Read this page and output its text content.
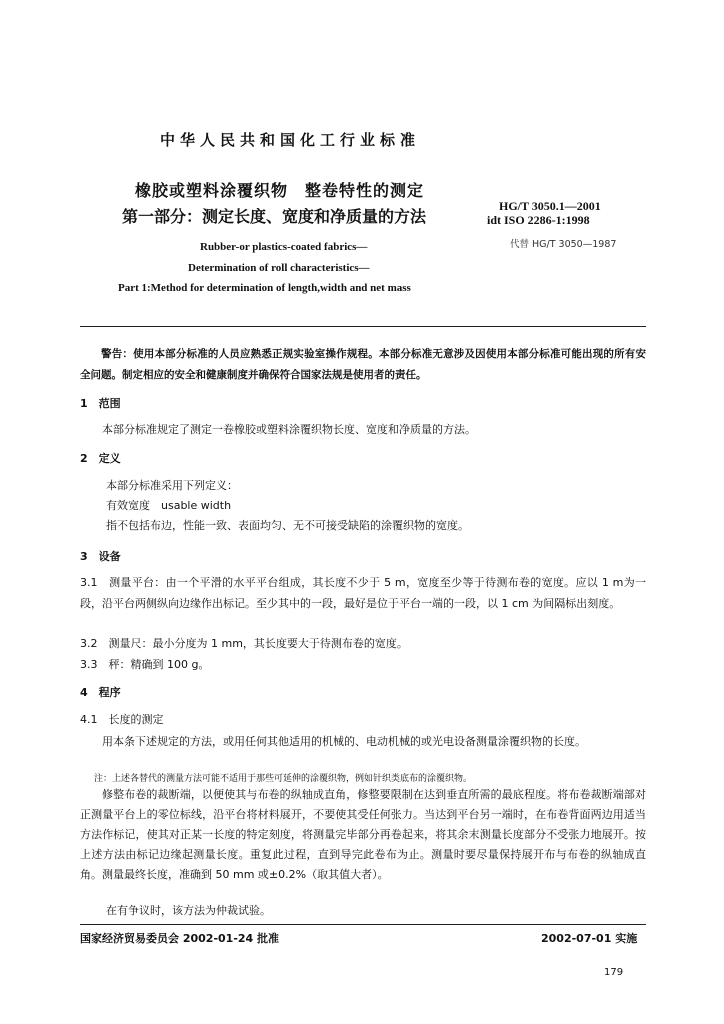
中华人民共和国化工行业标准
橡胶或塑料涂覆织物　整卷特性的测定
第一部分：测定长度、宽度和净质量的方法
HG/T 3050.1—2001
idt ISO 2286-1:1998
代替 HG/T 3050—1987
Rubber-or plastics-coated fabrics—
Determination of roll characteristics—
Part 1:Method for determination of length,width and net mass

警告：使用本部分标准的人员应熟悉正规实验室操作规程。本部分标准无意涉及因使用本部分标准可能出现的所有安全问题。制定相应的安全和健康制度并确保符合国家法规是使用者的责任。

1　范围

本部分标准规定了测定一卷橡胶或塑料涂覆织物长度、宽度和净质量的方法。

2　定义
本部分标准采用下列定义：
有效宽度　usable width
指不包括布边，性能一致、表面均匀、无不可接受缺陷的涂覆织物的宽度。
3　设备

3.1　测量平台：由一个平滑的水平平台组成，其长度不少于 5 m，宽度至少等于待测布卷的宽度。应以 1 m为一段，沿平台两侧纵向边缘作出标记。至少其中的一段，最好是位于平台一端的一段，以 1 cm 为间隔标出刻度。

3.2　测量尺：最小分度为 1 mm，其长度要大于待测布卷的宽度。
3.3　秤：精确到 100 g。
4　程序
4.1　长度的测定

用本条下述规定的方法，或用任何其他适用的机械的、电动机械的或光电设备测量涂覆织物的长度。

注：上述各替代的测量方法可能不适用于那些可延伸的涂覆织物，例如针织类底布的涂覆织物。

修整布卷的裁断端，以便使其与布卷的纵轴成直角，修整要限制在达到垂直所需的最底程度。将布卷裁断端部对正测量平台上的零位标线，沿平台将材料展开，不要使其受任何张力。当达到平台另一端时，在布卷背面两边用适当方法作标记，使其对正某一长度的特定刻度，将测量完毕部分再卷起来，将其余末测量长度部分不受张力地展开。按上述方法由标记边缘起测量长度。重复此过程，直到导完此卷布为止。测量时要尽量保持展开布与布卷的纵轴成直角。测量最终长度，准确到 50 mm 或±0.2%（取其值大者）。

在有争议时，该方法为仲裁试验。
国家经济贸易委员会 2002-01-24 批准	2002-07-01 实施
179
